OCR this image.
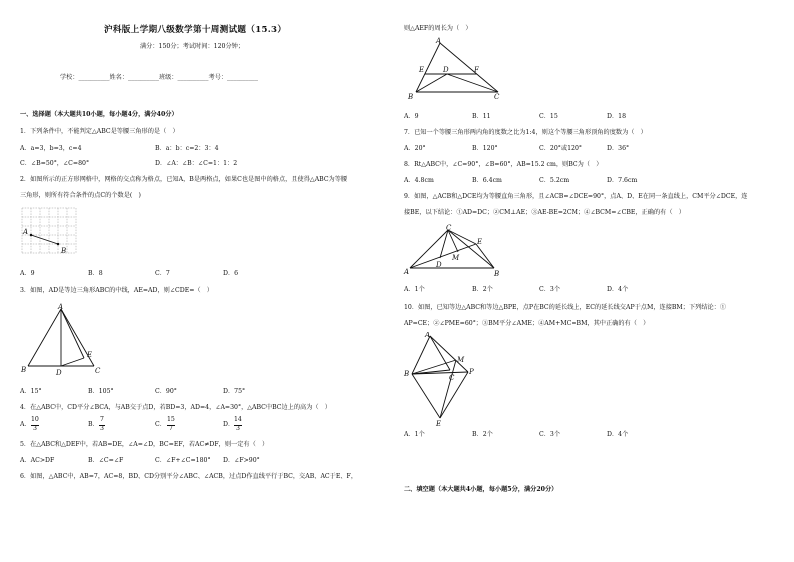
沪科版上学期八级数学第十周测试题（15.3）
满分：150分；考试时间：120分钟；
学校：__________姓名：__________班级：__________考号：__________
一、选择题（本大题共10小题，每小题4分，满分40分）
1．下列条件中，不能判定△ABC是等腰三角形的是（　）
A．a=3，b=3，c=4	B．a：b：c=2：3：4
C．∠B=50°，∠C=80°	D．∠A：∠B：∠C=1：1：2
2．如图所示的正方形网格中，网格的交点称为格点，已知A，B是两格点，如果C也是图中的格点，且使得△ABC为等腰
三角形，则所有符合条件的点C的个数是(　)
A
B
A．9	B．8	C．7	D．6
3．如图，AD是等边三角形ABC的中线，AE=AD，则∠CDE=（　）
A
B	C
D
E
A．15°	B．105°	C．90°	D．75°
4．在△ABC中，CD平分∠BCA，与AB交于点D，若BD=3，AD=4，∠A=30°，△ABC中BC边上的高为（　）
A．
10
3
B．
7
3
C．
15
7
D．
14
3
5．在△ABC和△DEF中，若AB=DE，∠A=∠D，BC=EF，若AC≠DF，则一定有（　）
A．AC>DF	B．∠C=∠F	C．∠F+∠C=180° D．∠F>90°
6．如图，△ABC中，AB=7，AC=8，BD、CD分别平分∠ABC、∠ACB，过点D作直线平行于BC，交AB、AC于E、F，
则△AEF的周长为（　）
A
B	C
D
E	F
A．9	B．11	C．15	D．18
7．已知一个等腰三角形两内角的度数之比为1:4，则这个等腰三角形顶角的度数为（　）
A．20°	B．120°	C．20°或120°	D．36°
8．Rt△ABC中，∠C=90°，∠B=60°，AB=15.2 cm，则BC为（　）
A．4.8cm	B．6.4cm	C．5.2cm	D．7.6cm
9．如图，△ACB和△DCE均为等腰直角三角形，且∠ACB=∠DCE=90°，点A、D、E在同一条直线上，CM平分∠DCE，连
接BE，以下结论：①AD=DC；②CM⊥AE；③AE-BE=2CM；④∠BCM=∠CBE，正确的有（　）
C
A	B
D
E
M
A．1个	B．2个	C．3个	D．4个
10．如图，已知等边△ABC和等边△BPE，点P在BC的延长线上，EC的延长线交AP于点M，连接BM；下列结论：①
AP=CE；②∠PME=60°；③BM平分∠AME；④AM+MC=BM，其中正确的有（　）
A
B	C
P
M
E
A．1个	B．2个	C．3个	D．4个
二、填空题（本大题共4小题，每小题5分，满分20分）
